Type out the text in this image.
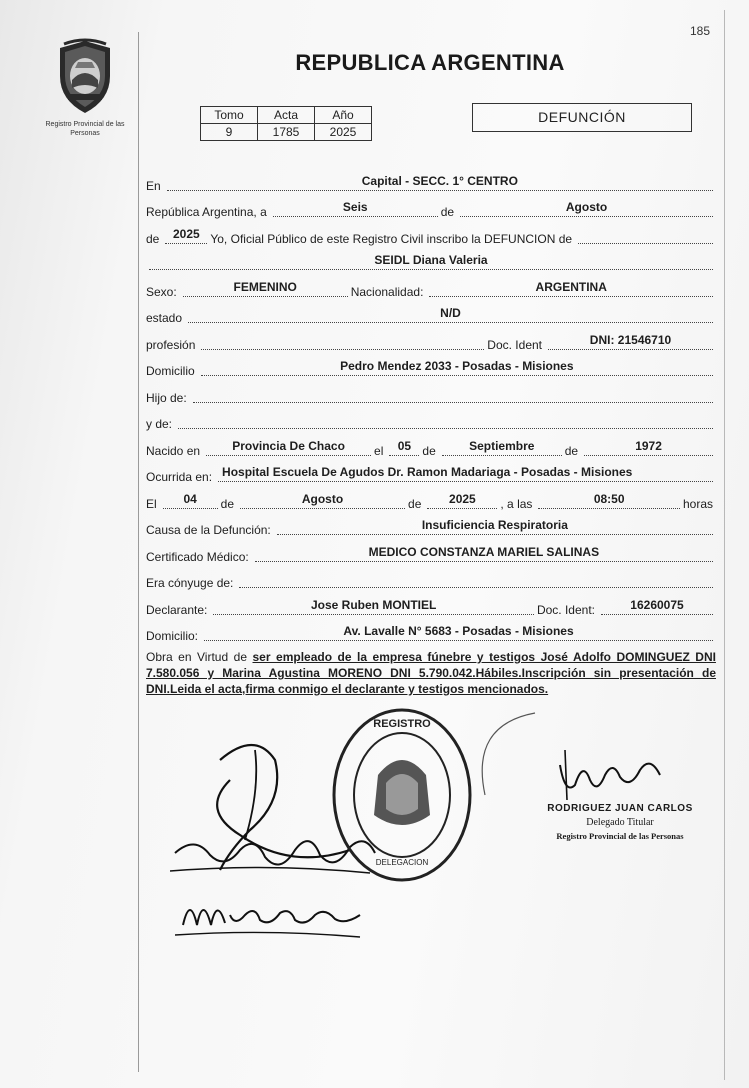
185
Registro Provincial de las Personas
REPUBLICA ARGENTINA
Tomo	Acta	Año
9	1785	2025
DEFUNCIÓN
En	Capital - SECC. 1° CENTRO
República Argentina, a	Seis	de	Agosto
de	2025 Yo, Oficial Público de este Registro Civil inscribo la DEFUNCION de
SEIDL Diana Valeria
Sexo:	FEMENINO	Nacionalidad:	ARGENTINA
estado	N/D
profesión	Doc. Ident	DNI: 21546710
Domicilio	Pedro Mendez 2033 - Posadas - Misiones
Hijo de:
y de:
Nacido en	Provincia De Chaco	el	05 de	Septiembre	de	1972
Ocurrida en: Hospital Escuela De Agudos Dr. Ramon Madariaga - Posadas - Misiones
El	04	de	Agosto	de	2025	, a las	08:50	horas
Causa de la Defunción:	Insuficiencia Respiratoria
Certificado Médico:	MEDICO CONSTANZA MARIEL SALINAS
Era cónyuge de:
Declarante:	Jose Ruben MONTIEL	Doc. Ident:	16260075
Domicilio:	Av. Lavalle N° 5683 - Posadas - Misiones
Obra en Virtud de ser empleado de la empresa fúnebre y testigos José Adolfo DOMINGUEZ DNI 7.580.056 y Marina Agustina MORENO DNI 5.790.042.Hábiles.Inscripción sin presentación de DNI.Leida el acta,firma conmigo el declarante y testigos mencionados.
REGISTRO
DELEGACION
RODRIGUEZ JUAN CARLOS
Delegado Titular
Registro Provincial de las Personas
